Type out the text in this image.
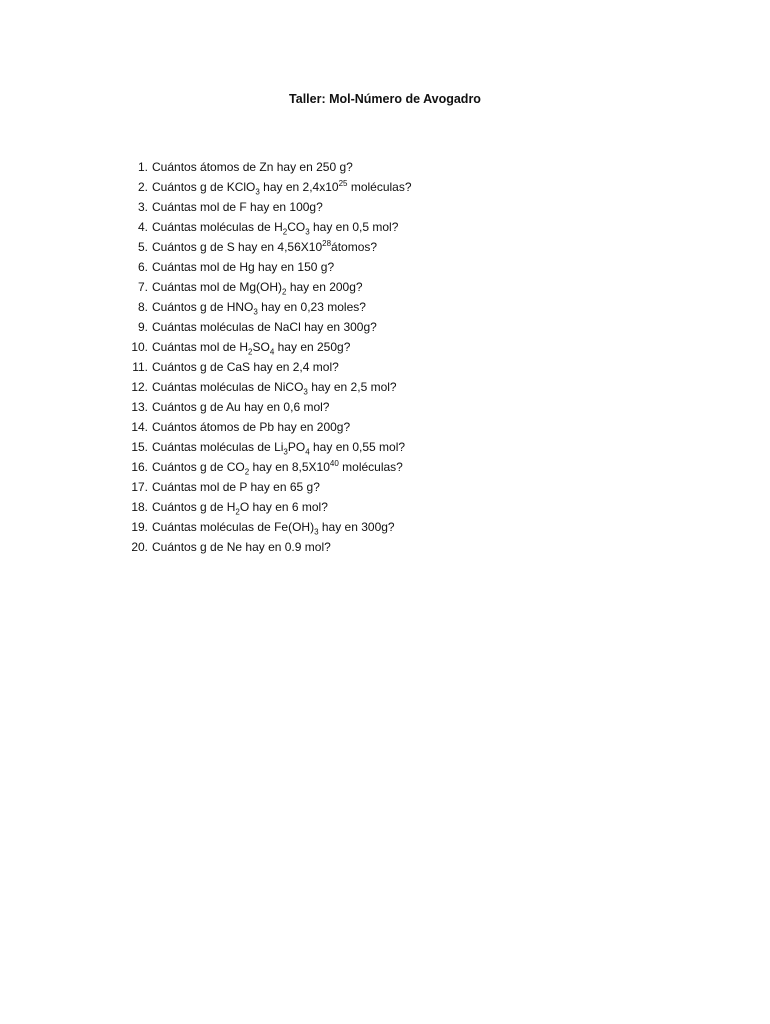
Taller: Mol-Número de Avogadro
1. Cuántos átomos de Zn hay en 250 g?
2. Cuántos g de KClO$_3$ hay en $2,4x10^{25}$ moléculas?
3. Cuántas mol de F hay en 100g?
4. Cuántas moléculas de $H_2CO_3$ hay en 0,5 mol?
5. Cuántos g de S hay en $4,56X10^{28}átomos$?
6. Cuántas mol de Hg hay en 150 g?
7. Cuántas mol de $Mg(OH)_2$ hay en 200g?
8. Cuántos g de $HNO_3$ hay en 0,23 moles?
9. Cuántas moléculas de NaCl hay en 300g?
10. Cuántas mol de $H_2SO_4$ hay en 250g?
11. Cuántos g de CaS hay en 2,4 mol?
12. Cuántas moléculas de NiCO$_3$ hay en 2,5 mol?
13. Cuántos g de Au hay en 0,6 mol?
14. Cuántos átomos de Pb hay en 200g?
15. Cuántas moléculas de $Li_3PO_4$ hay en 0,55 mol?
16. Cuántos g de $CO_2$ hay en $8,5X10^{40}$ moléculas?
17. Cuántas mol de P hay en 65 g?
18. Cuántos g de $H_2O$ hay en 6 mol?
19. Cuántas moléculas de $Fe(OH)_3$ hay en 300g?
20. Cuántos g de Ne hay en 0.9 mol?
